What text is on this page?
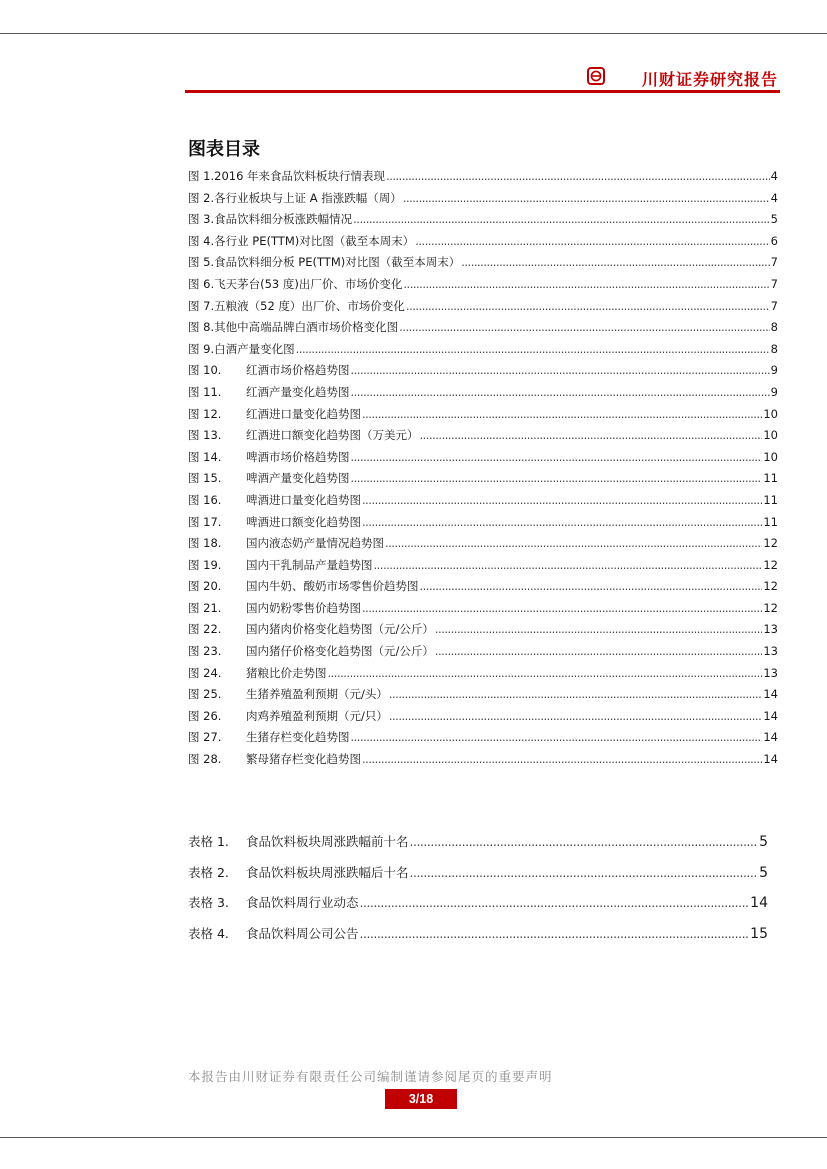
川财证券研究报告
图表目录
图 1.2016 年来食品饮料板块行情表现 .....	4
图 2.各行业板块与上证 A 指涨跌幅（周） .....	4
图 3.食品饮料细分板涨跌幅情况 .....	5
图 4.各行业 PE(TTM)对比图（截至本周末） .....	6
图 5.食品饮料细分板 PE(TTM)对比图（截至本周末） .....	7
图 6.飞天茅台(53 度)出厂价、市场价变化 .....	7
图 7.五粮液（52 度）出厂价、市场价变化 .....	7
图 8.其他中高端品牌白酒市场价格变化图 .....	8
图 9.白酒产量变化图 .....	8
图 10.	红酒市场价格趋势图 .....	9
图 11.	红酒产量变化趋势图 .....	9
图 12.	红酒进口量变化趋势图 .....	10
图 13.	红酒进口额变化趋势图（万美元） .....	10
图 14.	啤酒市场价格趋势图 .....	10
图 15.	啤酒产量变化趋势图 .....	11
图 16.	啤酒进口量变化趋势图 .....	11
图 17.	啤酒进口额变化趋势图 .....	11
图 18.	国内液态奶产量情况趋势图 .....	12
图 19.	国内干乳制品产量趋势图 .....	12
图 20.	国内牛奶、酸奶市场零售价趋势图 .....	12
图 21.	国内奶粉零售价趋势图 .....	12
图 22.	国内猪肉价格变化趋势图（元/公斤） .....	13
图 23.	国内猪仔价格变化趋势图（元/公斤） .....	13
图 24.	猪粮比价走势图 .....	13
图 25.	生猪养殖盈利预期（元/头） .....	14
图 26.	肉鸡养殖盈利预期（元/只） .....	14
图 27.	生猪存栏变化趋势图 .....	14
图 28.	繁母猪存栏变化趋势图 .....	14
表格 1.	食品饮料板块周涨跌幅前十名 .....	5
表格 2.	食品饮料板块周涨跌幅后十名 .....	5
表格 3.	食品饮料周行业动态 .....	14
表格 4.	食品饮料周公司公告 .....	15
本报告由川财证券有限责任公司编制谨请参阅尾页的重要声明
3/18
